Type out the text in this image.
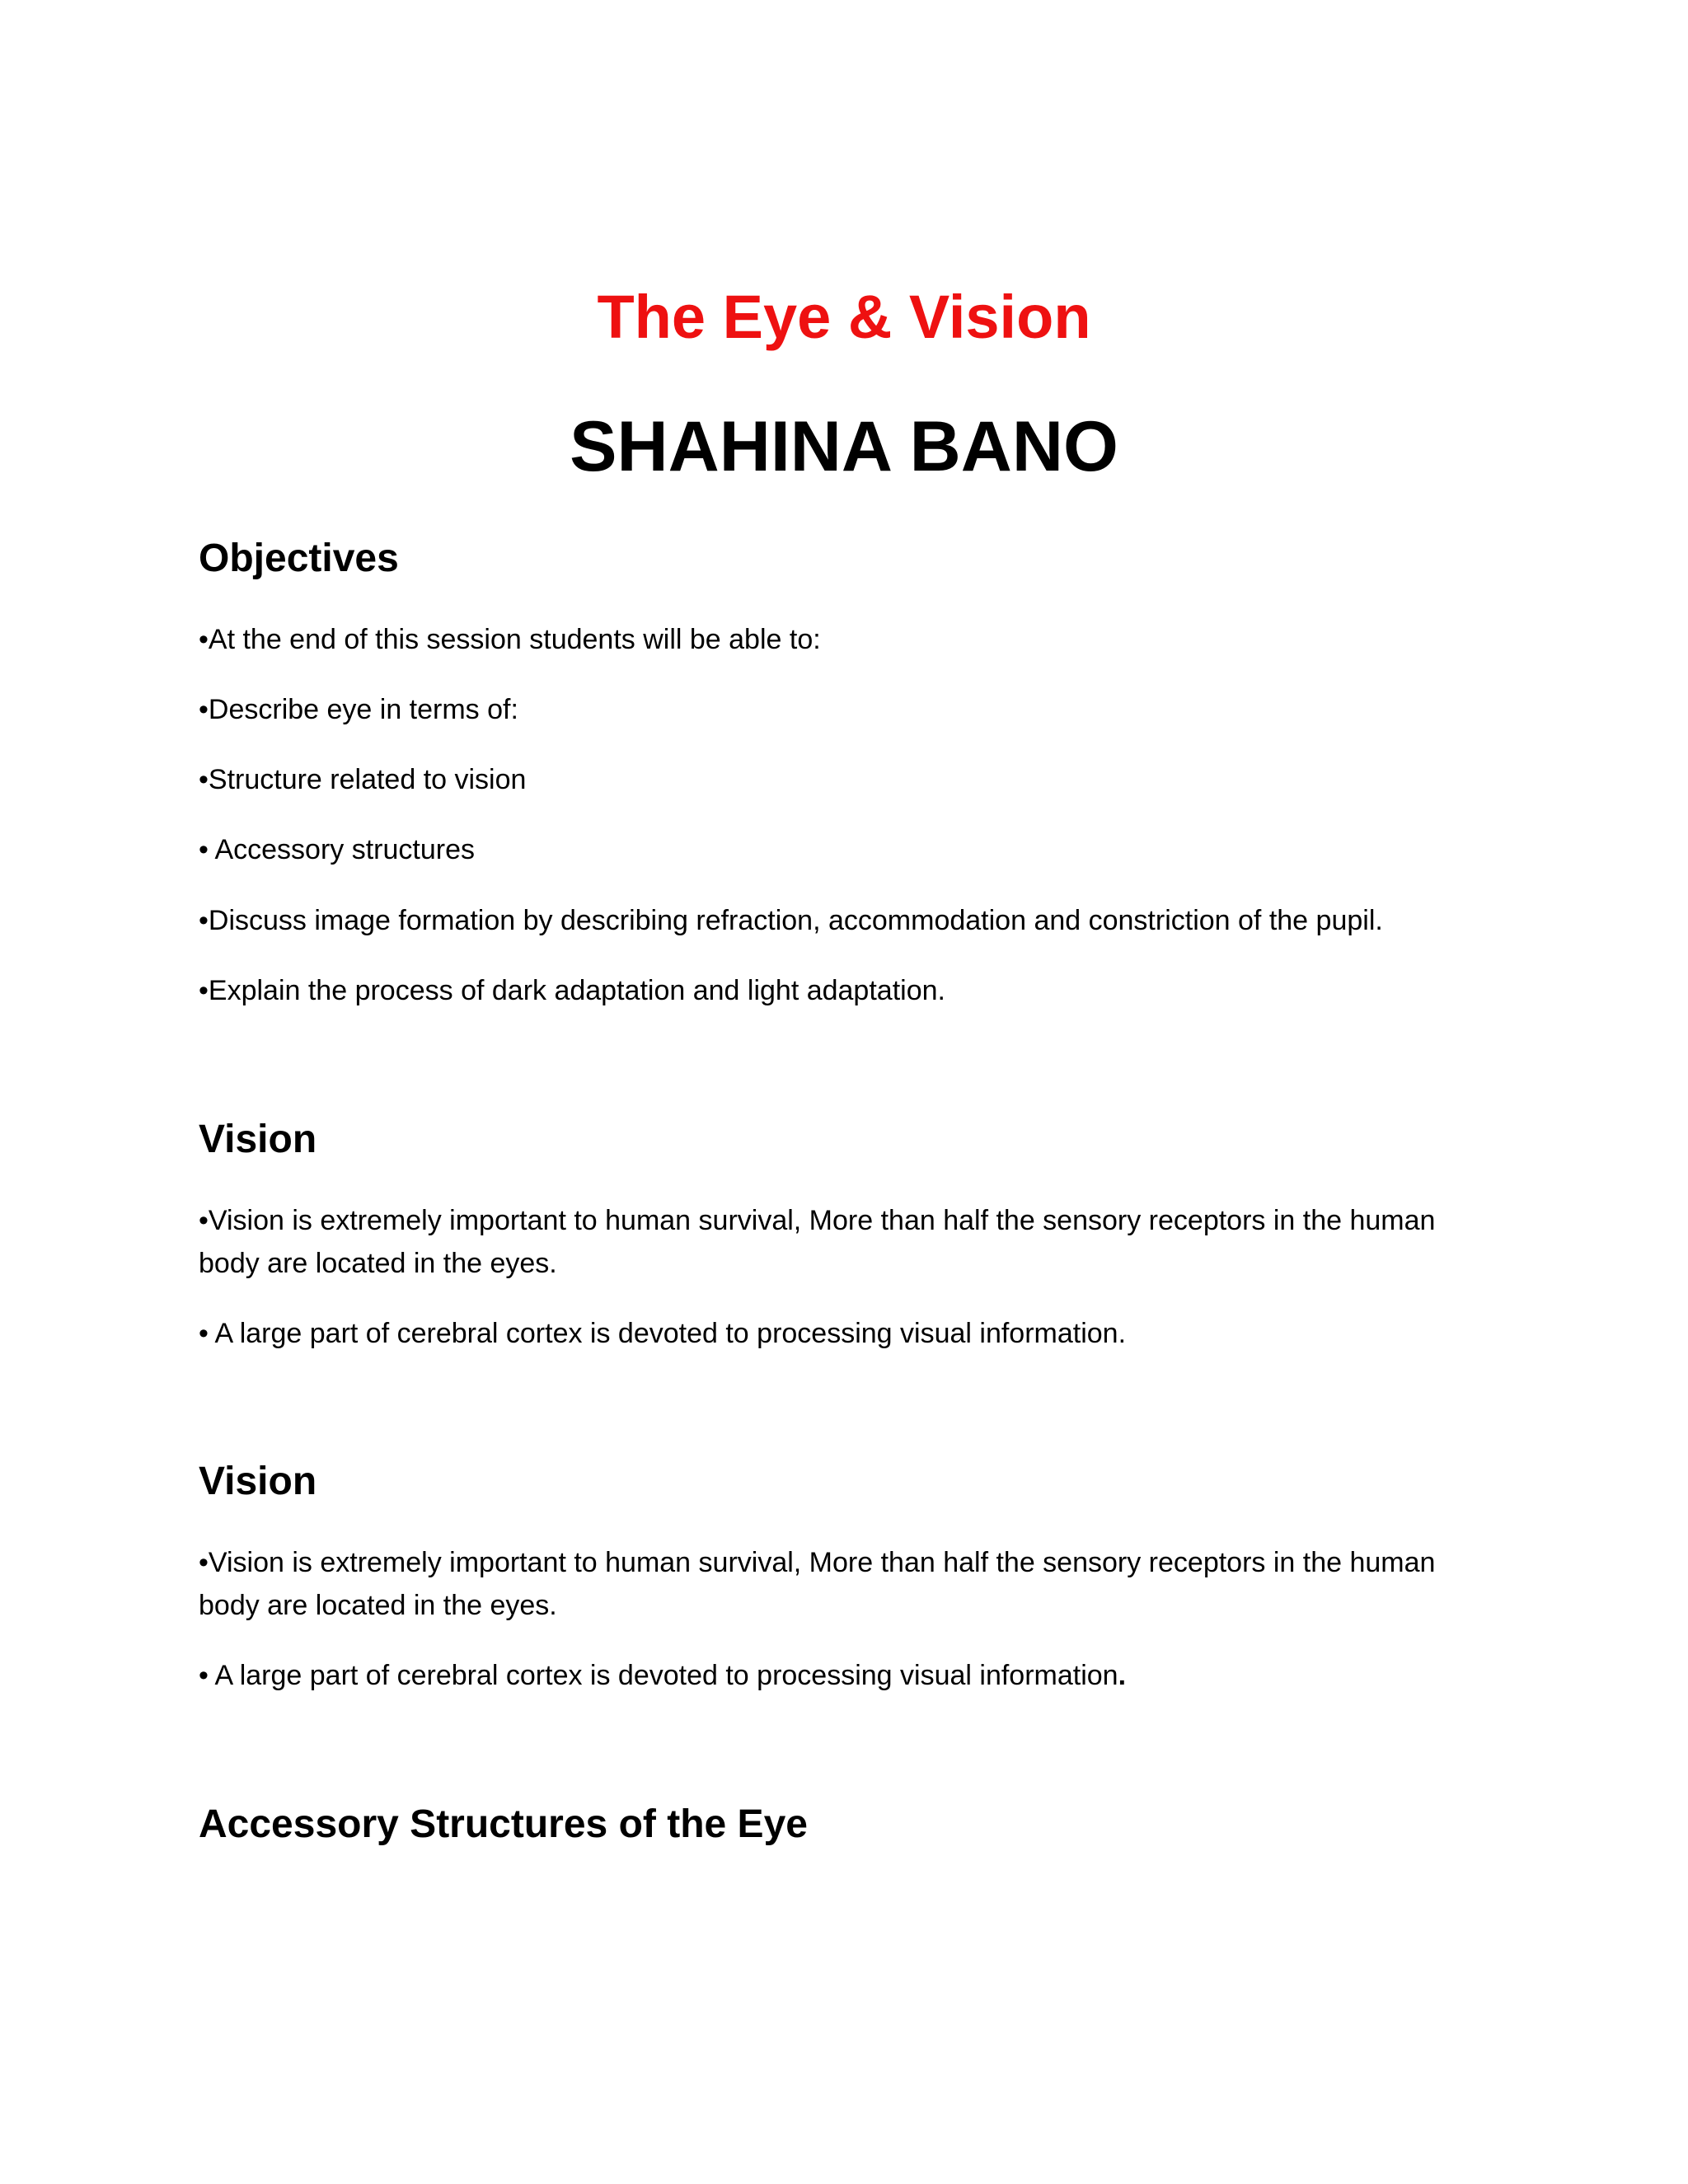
The Eye & Vision
SHAHINA BANO
Objectives

•At the end of this session students will be able to:

•Describe eye in terms of:

•Structure related to vision

• Accessory structures

•Discuss image formation by describing refraction, accommodation and constriction of the pupil.

•Explain the process of dark adaptation and light adaptation.

Vision

•Vision is extremely important to human survival, More than half the sensory receptors in the human body are located in the eyes.

• A large part of cerebral cortex is devoted to processing visual information.

Vision

•Vision is extremely important to human survival, More than half the sensory receptors in the human body are located in the eyes.

• A large part of cerebral cortex is devoted to processing visual information.

Accessory Structures of the Eye
